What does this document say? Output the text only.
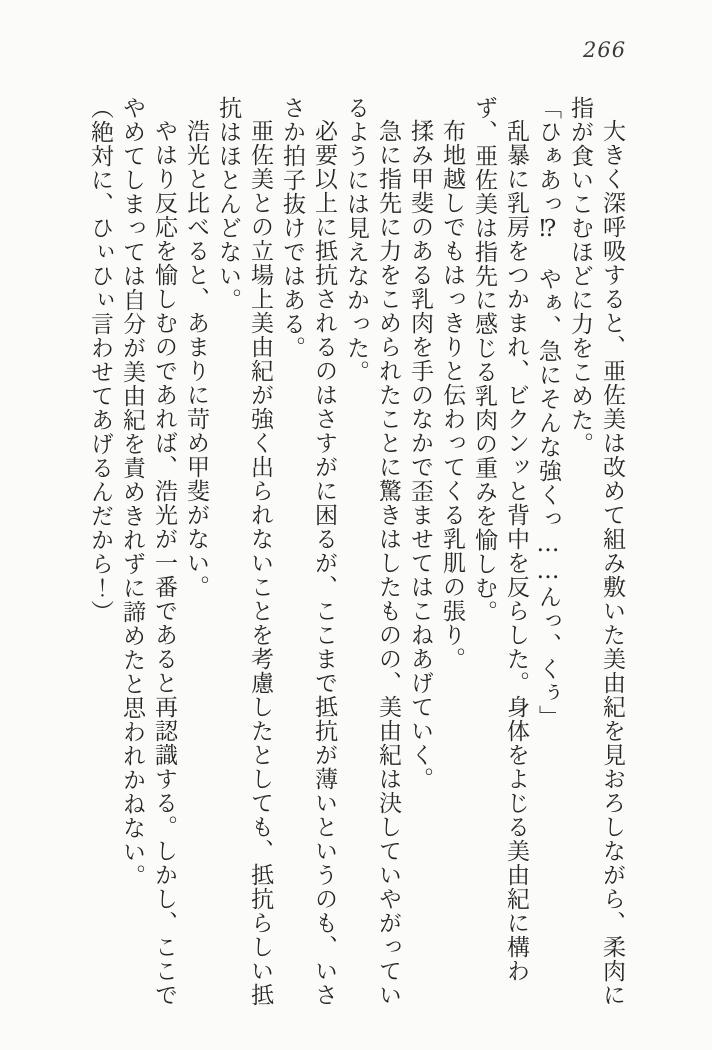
266

大きく深呼吸すると、亜佐美は改めて組み敷いた美由紀を見おろしながら、柔肉に指が食いこむほどに力をこめた。

「ひぁあっ⁉　やぁ、急にそんな強くっ……んっ、くぅ」

乱暴に乳房をつかまれ、ビクンッと背中を反らした。身体をよじる美由紀に構わず、亜佐美は指先に感じる乳肉の重みを愉しむ。

布地越しでもはっきりと伝わってくる乳肌の張り。

揉み甲斐のある乳肉を手のなかで歪ませてはこねあげていく。

急に指先に力をこめられたことに驚きはしたものの、美由紀は決していやがっているようには見えなかった。

必要以上に抵抗されるのはさすがに困るが、ここまで抵抗が薄いというのも、いささか拍子抜けではある。

亜佐美との立場上美由紀が強く出られないことを考慮したとしても、抵抗らしい抵抗はほとんどない。

浩光と比べると、あまりに苛め甲斐がない。

やはり反応を愉しむのであれば、浩光が一番であると再認識する。しかし、ここでやめてしまっては自分が美由紀を責めきれずに諦めたと思われかねない。

（絶対に、ひぃひぃ言わせてあげるんだから！）
